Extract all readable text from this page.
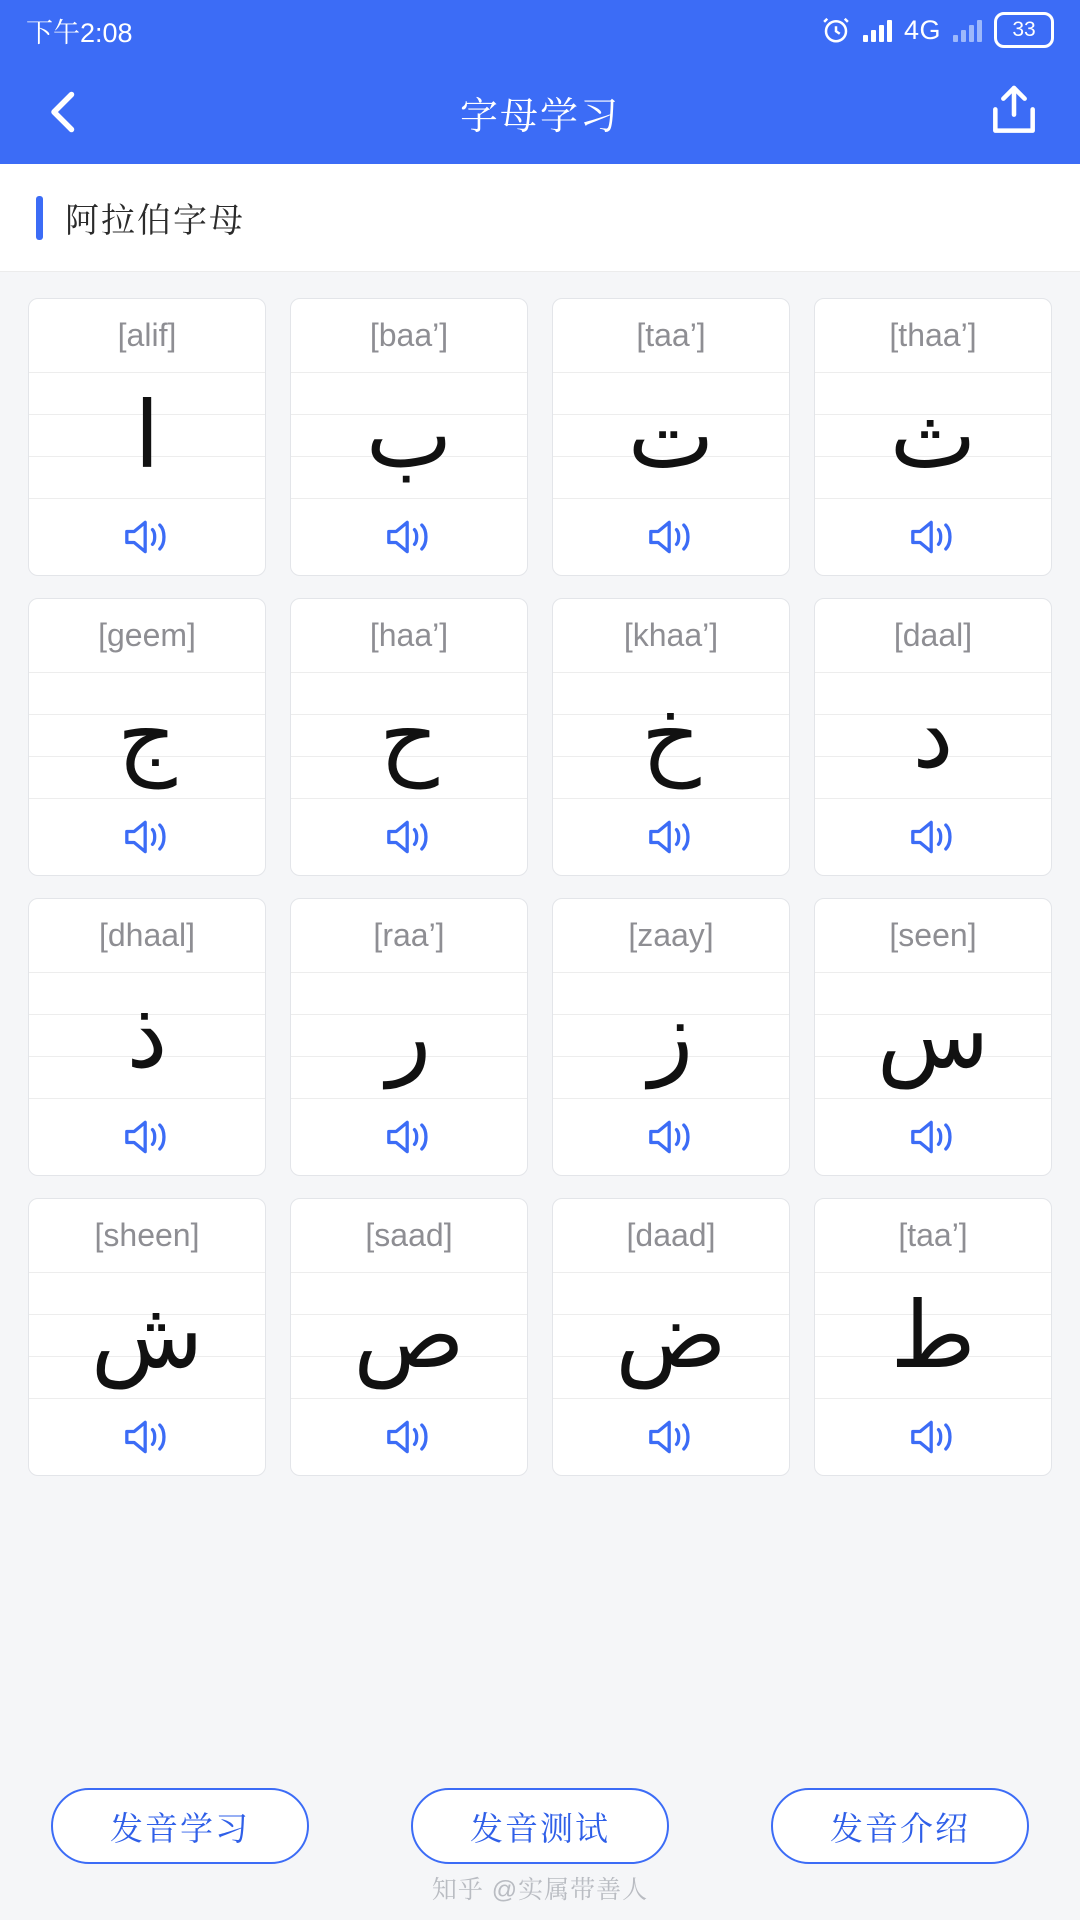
下午2:08	4G	33
字母学习
阿拉伯字母
[thaa’]
ث
[taa’]
ت
[baa’]
ب
[alif]
ا
[daal]
د
[khaa’]
خ
[haa’]
ح
[geem]
ج
[seen]
س
[zaay]
ز
[raa’]
ر
[dhaal]
ذ
[taa’]
ط
[daad]
ض
[saad]
ص
[sheen]
ش
发音学习	发音测试	发音介绍
知乎 @实属带善人
